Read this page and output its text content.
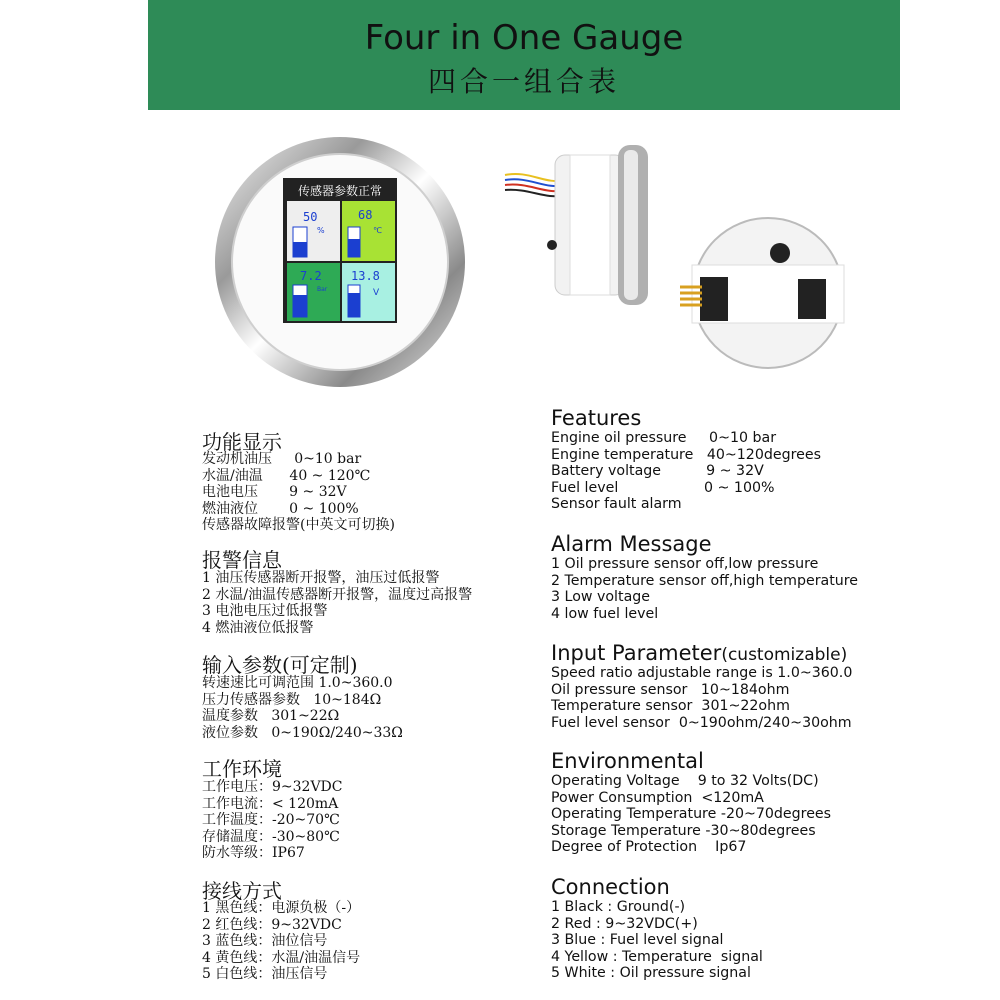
Four in One Gauge
四合一组合表
传感器参数正常
50
%
68
℃
7.2
Bar
13.8
V
功能显示
发动机油压     0~10 bar
水温/油温      40 ~ 120℃
电池电压       9 ~ 32V
燃油液位       0 ~ 100%
传感器故障报警(中英文可切换)
报警信息
1 油压传感器断开报警，油压过低报警
2 水温/油温传感器断开报警，温度过高报警
3 电池电压过低报警
4 燃油液位低报警
输入参数(可定制)
转速速比可调范围 1.0~360.0
压力传感器参数   10~184Ω
温度参数   301~22Ω
液位参数   0~190Ω/240~33Ω
工作环境
工作电压：9~32VDC
工作电流：< 120mA
工作温度：-20~70℃
存储温度：-30~80℃
防水等级：IP67
接线方式
1 黑色线：电源负极（-）
2 红色线：9~32VDC
3 蓝色线：油位信号
4 黄色线：水温/油温信号
5 白色线：油压信号
Features
Engine oil pressure     0~10 bar
Engine temperature   40~120degrees
Battery voltage          9 ~ 32V
Fuel level                   0 ~ 100%
Sensor fault alarm
Alarm Message
1 Oil pressure sensor off,low pressure
2 Temperature sensor off,high temperature
3 Low voltage
4 low fuel level
Input Parameter(customizable)
Speed ratio adjustable range is 1.0~360.0
Oil pressure sensor   10~184ohm
Temperature sensor  301~22ohm
Fuel level sensor  0~190ohm/240~30ohm
Environmental
Operating Voltage    9 to 32 Volts(DC)
Power Consumption  <120mA
Operating Temperature -20~70degrees
Storage Temperature -30~80degrees
Degree of Protection    Ip67
Connection
1 Black : Ground(-)
2 Red : 9~32VDC(+)
3 Blue : Fuel level signal
4 Yellow : Temperature  signal
5 White : Oil pressure signal
